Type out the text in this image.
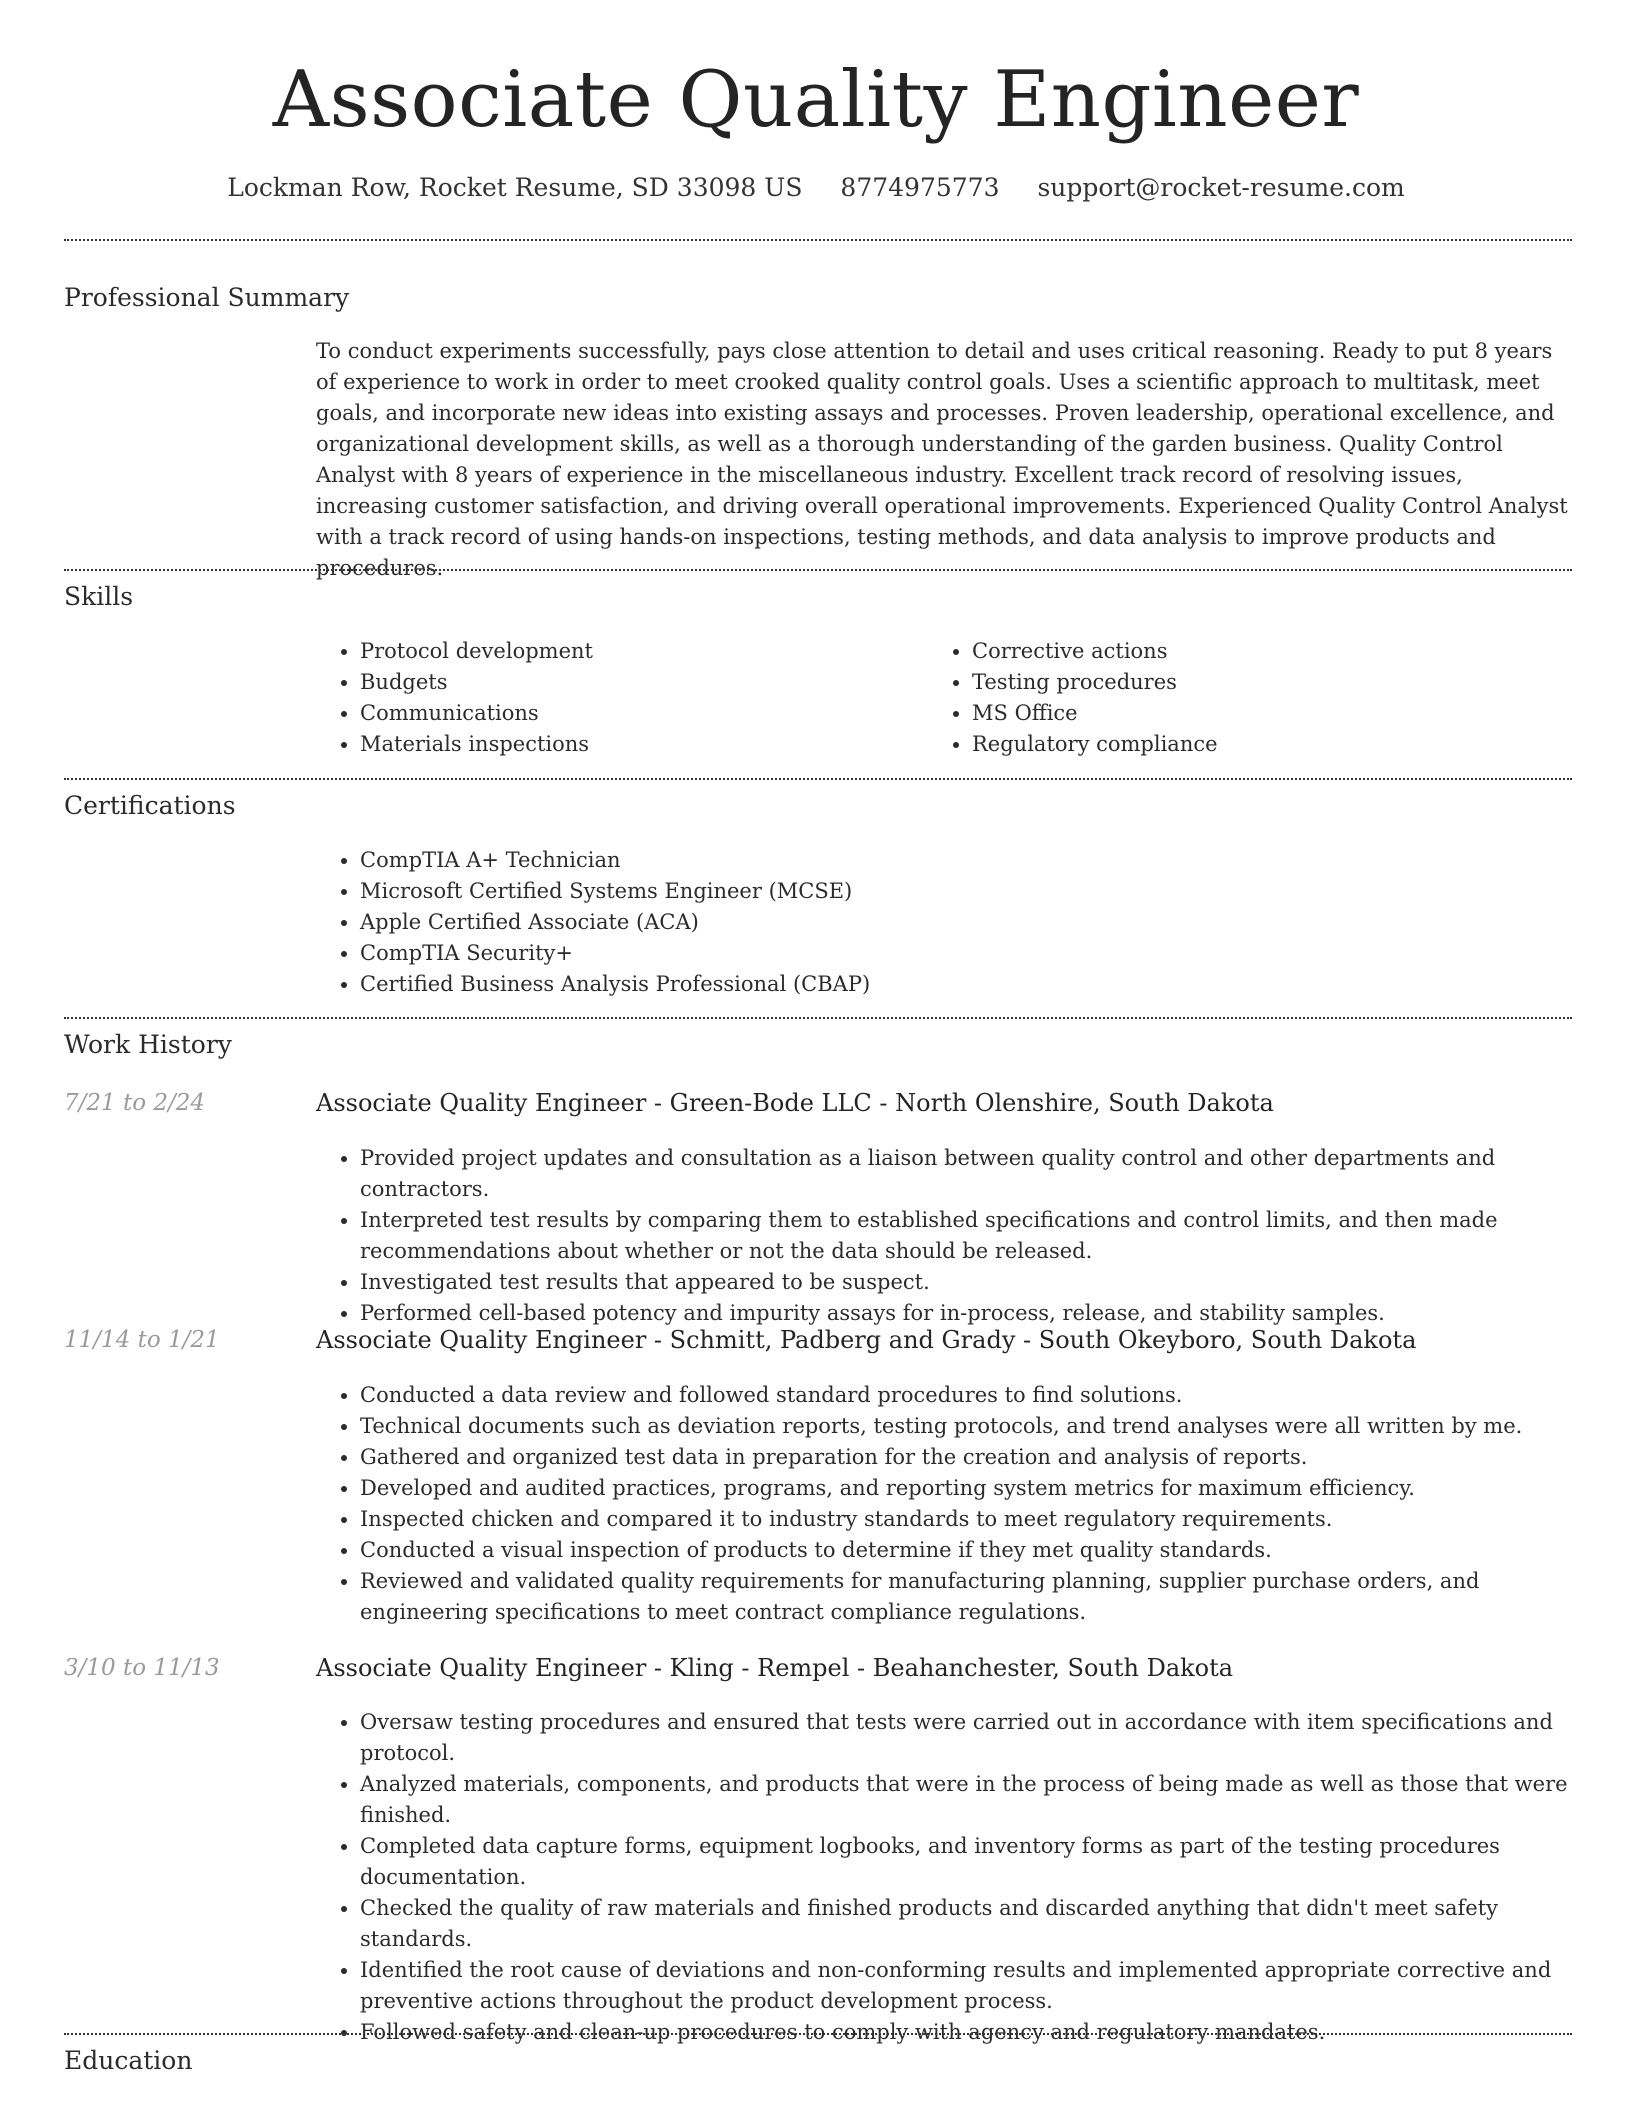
Associate Quality Engineer
Lockman Row, Rocket Resume, SD 33098 US 8774975773 support@rocket-resume.com
Professional Summary
To conduct experiments successfully, pays close attention to detail and uses critical reasoning. Ready to put 8 years of experience to work in order to meet crooked quality control goals. Uses a scientific approach to multitask, meet goals, and incorporate new ideas into existing assays and processes. Proven leadership, operational excellence, and organizational development skills, as well as a thorough understanding of the garden business. Quality Control Analyst with 8 years of experience in the miscellaneous industry. Excellent track record of resolving issues, increasing customer satisfaction, and driving overall operational improvements. Experienced Quality Control Analyst with a track record of using hands-on inspections, testing methods, and data analysis to improve products and procedures.
Skills
• Protocol development
• Budgets
• Communications
• Materials inspections
• Corrective actions
• Testing procedures
• MS Office
• Regulatory compliance
Certifications
• CompTIA A+ Technician
• Microsoft Certified Systems Engineer (MCSE)
• Apple Certified Associate (ACA)
• CompTIA Security+
• Certified Business Analysis Professional (CBAP)
Work History
7/21 to 2/24	Associate Quality Engineer - Green-Bode LLC - North Olenshire, South Dakota
• Provided project updates and consultation as a liaison between quality control and other departments and contractors.
• Interpreted test results by comparing them to established specifications and control limits, and then made recommendations about whether or not the data should be released.
• Investigated test results that appeared to be suspect.
• Performed cell-based potency and impurity assays for in-process, release, and stability samples.
11/14 to 1/21	Associate Quality Engineer - Schmitt, Padberg and Grady - South Okeyboro, South Dakota
• Conducted a data review and followed standard procedures to find solutions.
• Technical documents such as deviation reports, testing protocols, and trend analyses were all written by me.
• Gathered and organized test data in preparation for the creation and analysis of reports.
• Developed and audited practices, programs, and reporting system metrics for maximum efficiency.
• Inspected chicken and compared it to industry standards to meet regulatory requirements.
• Conducted a visual inspection of products to determine if they met quality standards.
• Reviewed and validated quality requirements for manufacturing planning, supplier purchase orders, and engineering specifications to meet contract compliance regulations.
3/10 to 11/13	Associate Quality Engineer - Kling - Rempel - Beahanchester, South Dakota
• Oversaw testing procedures and ensured that tests were carried out in accordance with item specifications and protocol.
• Analyzed materials, components, and products that were in the process of being made as well as those that were finished.
• Completed data capture forms, equipment logbooks, and inventory forms as part of the testing procedures documentation.
• Checked the quality of raw materials and finished products and discarded anything that didn't meet safety standards.
• Identified the root cause of deviations and non-conforming results and implemented appropriate corrective and preventive actions throughout the product development process.
• Followed safety and clean-up procedures to comply with agency and regulatory mandates.
Education
